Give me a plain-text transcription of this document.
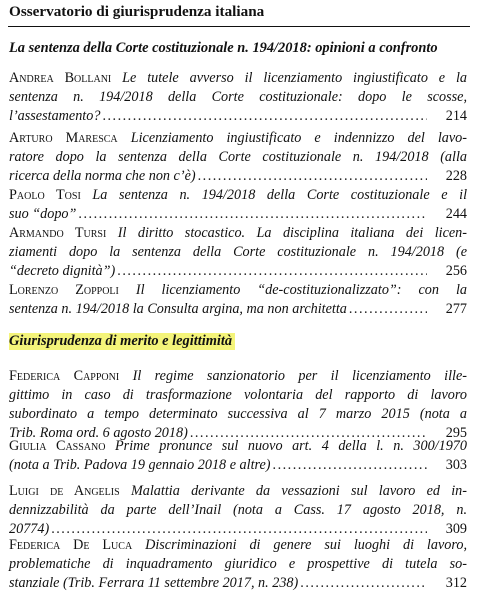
Osservatorio di giurisprudenza italiana
La sentenza della Corte costituzionale n. 194/2018: opinioni a confronto
Giurisprudenza di merito e legittimità
Andrea Bollani Le tutele avverso il licenziamento ingiustificato e la
sentenza n. 194/2018 della Corte costituzionale: dopo le scosse,
l’assestamento? .....	214
Arturo Maresca Licenziamento ingiustificato e indennizzo del lavo-
ratore dopo la sentenza della Corte costituzionale n. 194/2018 (alla
ricerca della norma che non c’è) .....	228
Paolo Tosi La sentenza n. 194/2018 della Corte costituzionale e il
suo “dopo” .....	244
Armando Tursi Il diritto stocastico. La disciplina italiana dei licen-
ziamenti dopo la sentenza della Corte costituzionale n. 194/2018 (e
“decreto dignità”) .....	256
Lorenzo Zoppoli Il licenziamento “de-costituzionalizzato”: con la
sentenza n. 194/2018 la Consulta argina, ma non architetta .....	277
Federica Capponi Il regime sanzionatorio per il licenziamento ille-
gittimo in caso di trasformazione volontaria del rapporto di lavoro
subordinato a tempo determinato successiva al 7 marzo 2015 (nota a
Trib. Roma ord. 6 agosto 2018) .....	295
Giulia Cassano Prime pronunce sul nuovo art. 4 della l. n. 300/1970
(nota a Trib. Padova 19 gennaio 2018 e altre) .....	303
Luigi de Angelis Malattia derivante da vessazioni sul lavoro ed in-
dennizzabilità da parte dell’Inail (nota a Cass. 17 agosto 2018, n.
20774) .....	309
Federica De Luca Discriminazioni di genere sui luoghi di lavoro,
problematiche di inquadramento giuridico e prospettive di tutela so-
stanziale (Trib. Ferrara 11 settembre 2017, n. 238) .....	312
